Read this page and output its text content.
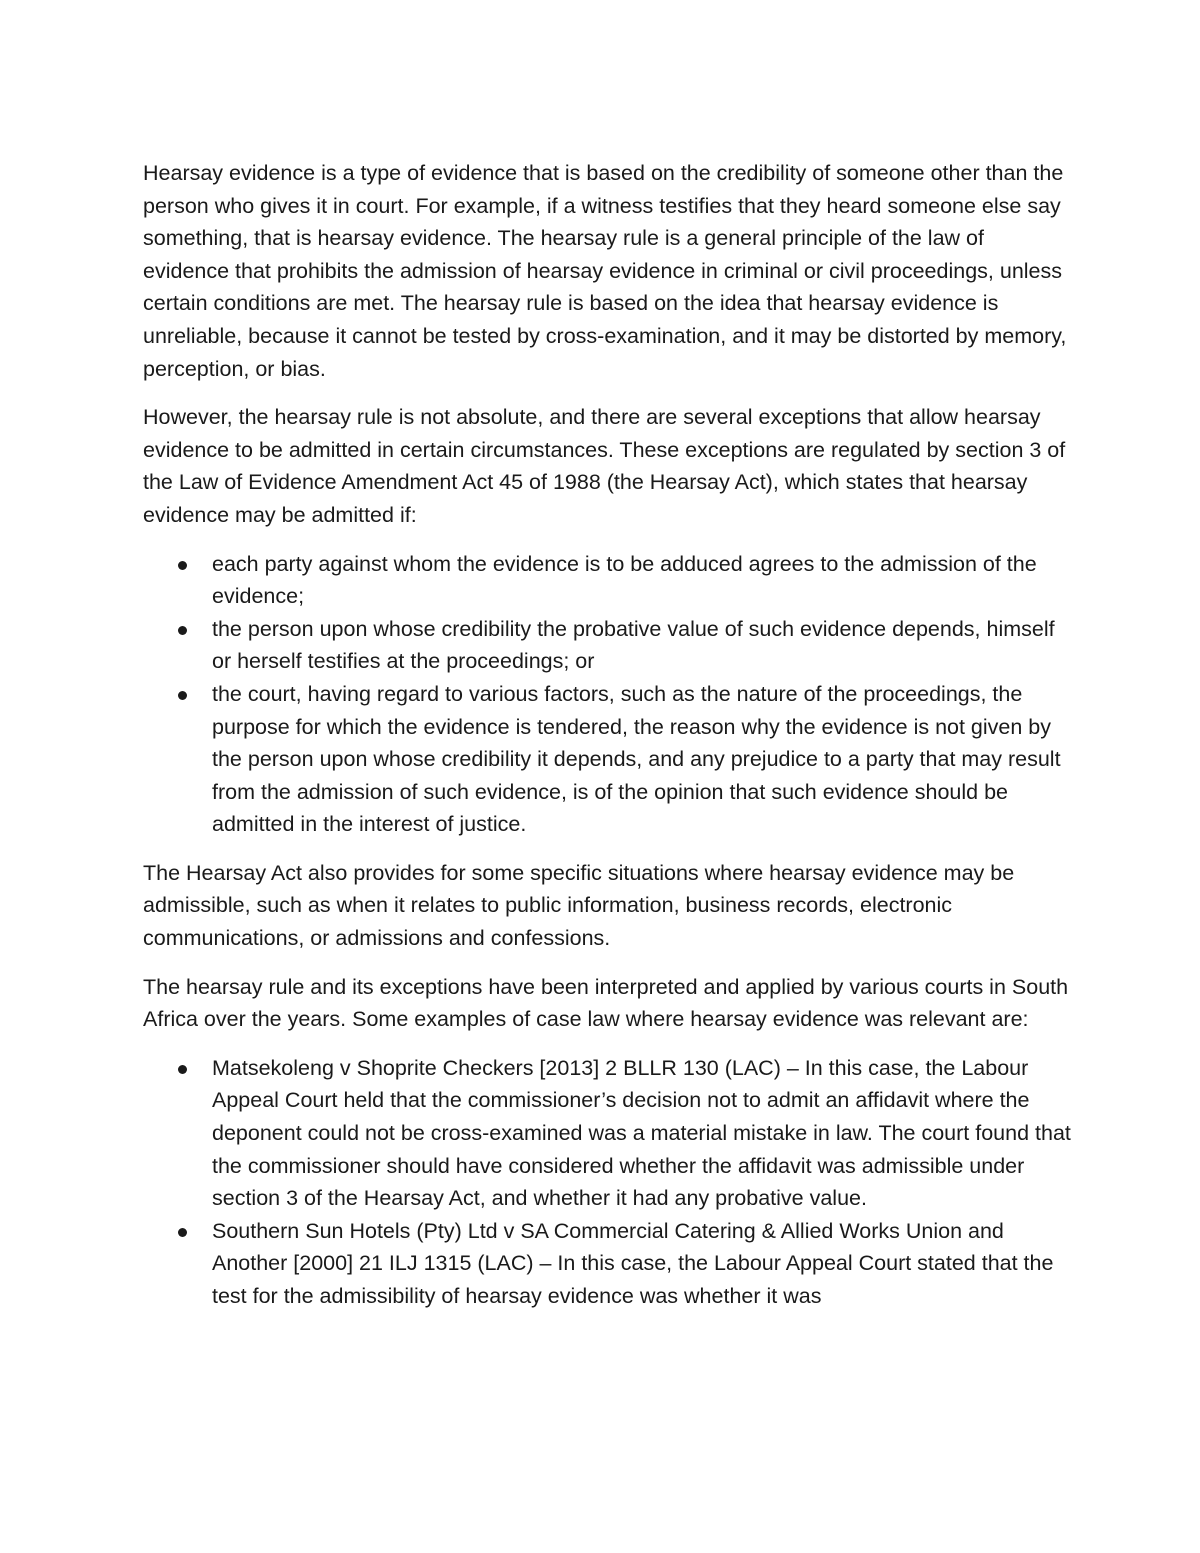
Hearsay evidence is a type of evidence that is based on the credibility of someone other than the person who gives it in court. For example, if a witness testifies that they heard someone else say something, that is hearsay evidence. The hearsay rule is a general principle of the law of evidence that prohibits the admission of hearsay evidence in criminal or civil proceedings, unless certain conditions are met. The hearsay rule is based on the idea that hearsay evidence is unreliable, because it cannot be tested by cross-examination, and it may be distorted by memory, perception, or bias.

However, the hearsay rule is not absolute, and there are several exceptions that allow hearsay evidence to be admitted in certain circumstances. These exceptions are regulated by section 3 of the Law of Evidence Amendment Act 45 of 1988 (the Hearsay Act), which states that hearsay evidence may be admitted if:

each party against whom the evidence is to be adduced agrees to the admission of the evidence;
the person upon whose credibility the probative value of such evidence depends, himself or herself testifies at the proceedings; or
the court, having regard to various factors, such as the nature of the proceedings, the purpose for which the evidence is tendered, the reason why the evidence is not given by the person upon whose credibility it depends, and any prejudice to a party that may result from the admission of such evidence, is of the opinion that such evidence should be admitted in the interest of justice.

The Hearsay Act also provides for some specific situations where hearsay evidence may be admissible, such as when it relates to public information, business records, electronic communications, or admissions and confessions.

The hearsay rule and its exceptions have been interpreted and applied by various courts in South Africa over the years. Some examples of case law where hearsay evidence was relevant are:

Matsekoleng v Shoprite Checkers [2013] 2 BLLR 130 (LAC) – In this case, the Labour Appeal Court held that the commissioner’s decision not to admit an affidavit where the deponent could not be cross-examined was a material mistake in law. The court found that the commissioner should have considered whether the affidavit was admissible under section 3 of the Hearsay Act, and whether it had any probative value.
Southern Sun Hotels (Pty) Ltd v SA Commercial Catering & Allied Works Union and Another [2000] 21 ILJ 1315 (LAC) – In this case, the Labour Appeal Court stated that the test for the admissibility of hearsay evidence was whether it was
